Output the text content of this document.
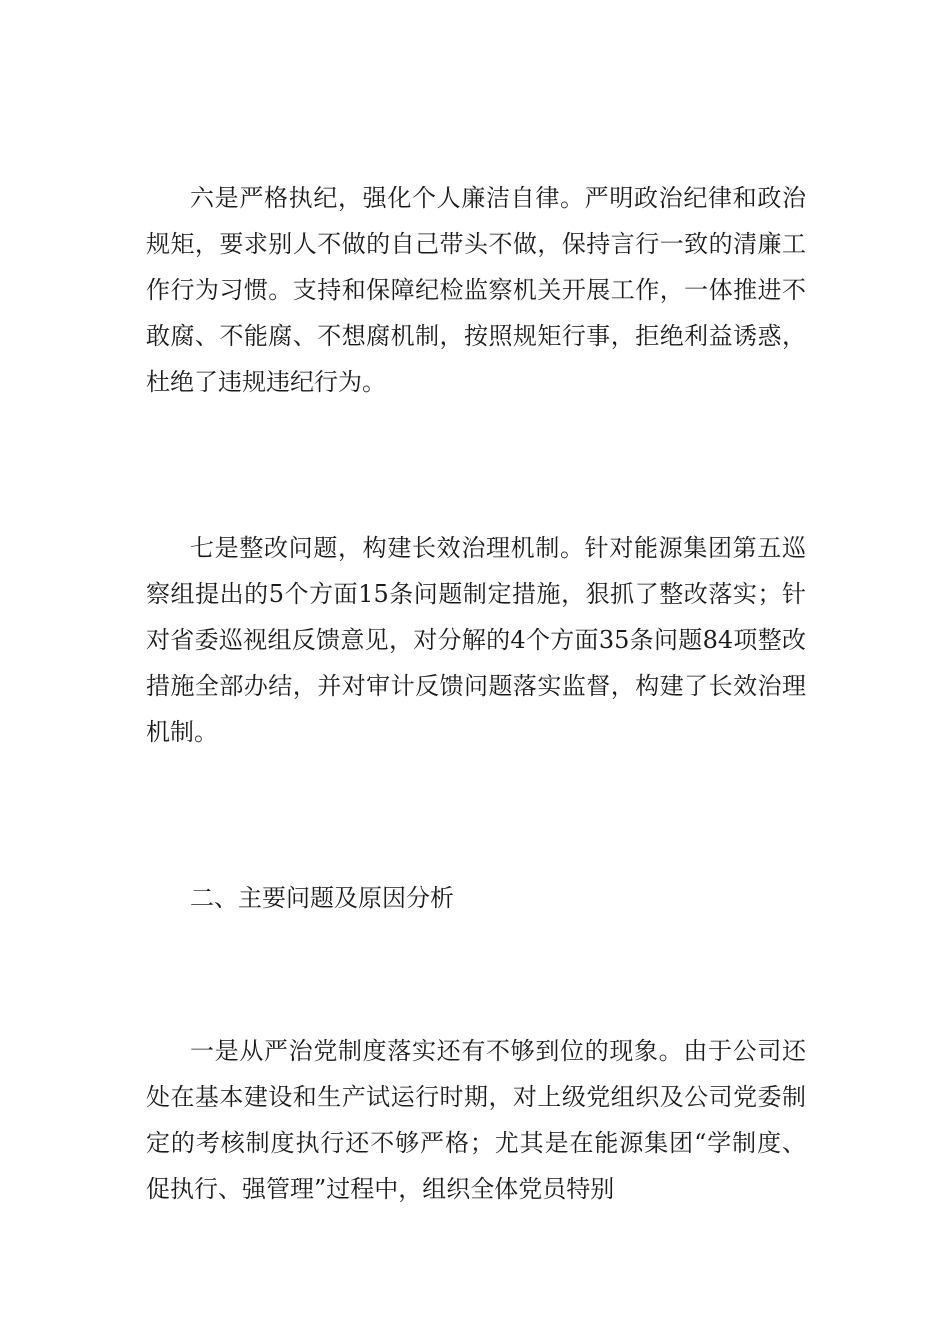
六是严格执纪，强化个人廉洁自律。严明政治纪律和政治规矩，要求别人不做的自己带头不做，保持言行一致的清廉工作行为习惯。支持和保障纪检监察机关开展工作，一体推进不敢腐、不能腐、不想腐机制，按照规矩行事，拒绝利益诱惑，杜绝了违规违纪行为。

七是整改问题，构建长效治理机制。针对能源集团第五巡察组提出的5个方面15条问题制定措施，狠抓了整改落实；针对省委巡视组反馈意见，对分解的4个方面35条问题84项整改措施全部办结，并对审计反馈问题落实监督，构建了长效治理机制。

二、主要问题及原因分析

一是从严治党制度落实还有不够到位的现象。由于公司还处在基本建设和生产试运行时期，对上级党组织及公司党委制定的考核制度执行还不够严格；尤其是在能源集团“学制度、促执行、强管理”过程中，组织全体党员特别
